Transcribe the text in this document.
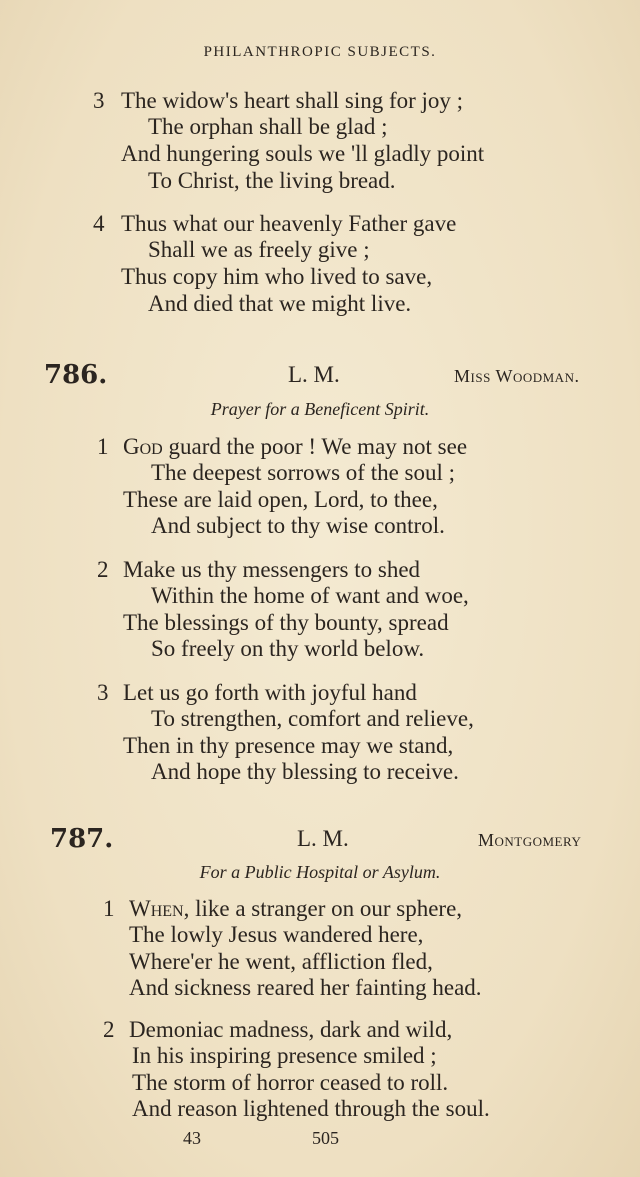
PHILANTHROPIC SUBJECTS.
3 The widow's heart shall sing for joy ;
The orphan shall be glad ;
And hungering souls we 'll gladly point
To Christ, the living bread.
4 Thus what our heavenly Father gave
Shall we as freely give ;
Thus copy him who lived to save,
And died that we might live.
786.	L. M.	Miss Woodman.
Prayer for a Beneficent Spirit.
1 God guard the poor ! We may not see
The deepest sorrows of the soul ;
These are laid open, Lord, to thee,
And subject to thy wise control.
2 Make us thy messengers to shed
Within the home of want and woe,
The blessings of thy bounty, spread
So freely on thy world below.
3 Let us go forth with joyful hand
To strengthen, comfort and relieve,
Then in thy presence may we stand,
And hope thy blessing to receive.
787.	L. M.	Montgomery
For a Public Hospital or Asylum.
1 When, like a stranger on our sphere,
The lowly Jesus wandered here,
Where'er he went, affliction fled,
And sickness reared her fainting head.
2 Demoniac madness, dark and wild,
In his inspiring presence smiled ;
The storm of horror ceased to roll.
And reason lightened through the soul.
43	505
